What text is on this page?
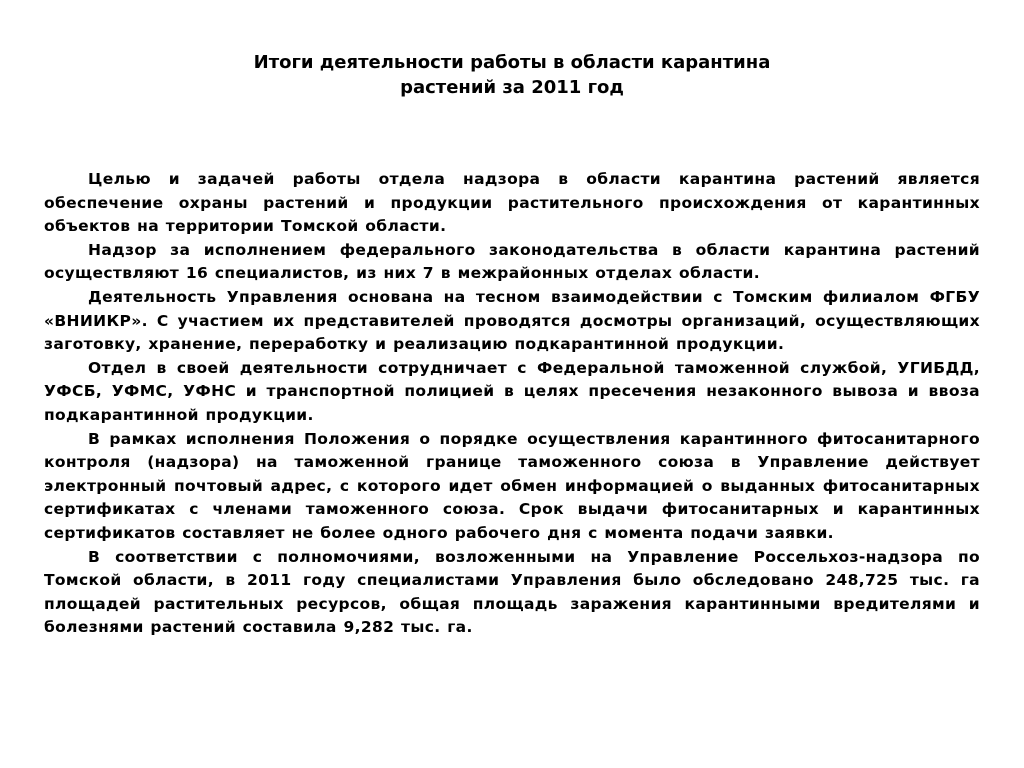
Итоги деятельности работы в области карантина
растений за 2011 год

Целью и задачей работы отдела надзора в области карантина растений является обеспечение охраны растений и продукции растительного происхождения от карантинных объектов на территории Томской области.

Надзор за исполнением федерального законодательства в области карантина растений осуществляют 16 специалистов, из них 7 в межрайонных отделах области.

Деятельность Управления основана на тесном взаимодействии с Томским филиалом ФГБУ «ВНИИКР». С участием их представителей проводятся досмотры организаций, осуществляющих заготовку, хранение, переработку и реализацию подкарантинной продукции.

Отдел в своей деятельности сотрудничает с Федеральной таможенной службой, УГИБДД, УФСБ, УФМС, УФНС и транспортной полицией в целях пресечения незаконного вывоза и ввоза подкарантинной продукции.

В рамках исполнения Положения о порядке осуществления карантинного фитосанитарного контроля (надзора) на таможенной границе таможенного союза в Управление действует электронный почтовый адрес, с которого идет обмен информацией о выданных фитосанитарных сертификатах с членами таможенного союза. Срок выдачи фитосанитарных и карантинных сертификатов составляет не более одного рабочего дня с момента подачи заявки.

В соответствии с полномочиями, возложенными на Управление Россельхоз-надзора по Томской области, в 2011 году специалистами Управления было обследовано 248,725 тыс. га площадей растительных ресурсов, общая площадь заражения карантинными вредителями и болезнями растений составила 9,282 тыс. га.
